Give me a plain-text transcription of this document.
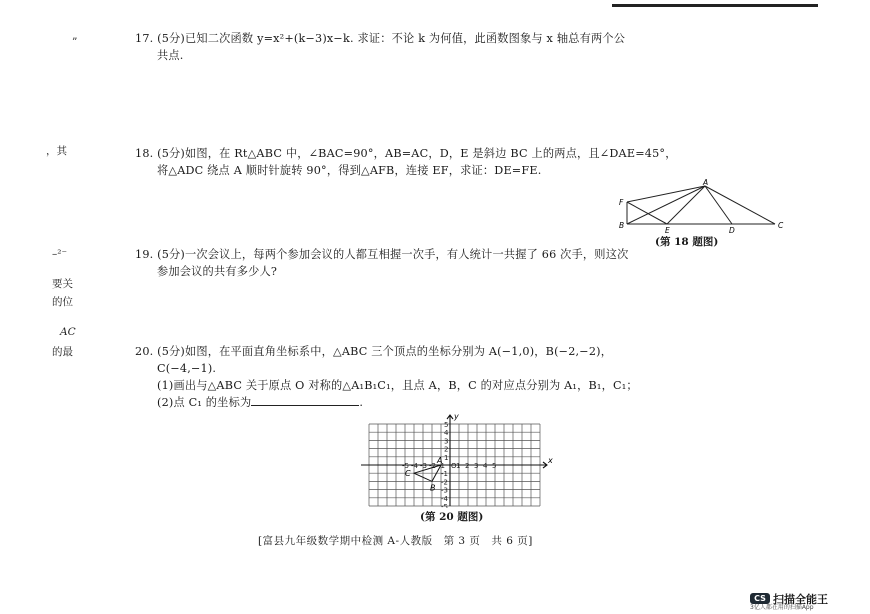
”
，其
–²⁻
要关
的位
AC
的最
17. (5分)已知二次函数 y=x²+(k−3)x−k. 求证：不论 k 为何值，此函数图象与 x 轴总有两个公
共点.
18. (5分)如图，在 Rt△ABC 中，∠BAC=90°，AB=AC，D，E 是斜边 BC 上的两点，且∠DAE=45°，
将△ADC 绕点 A 顺时针旋转 90°，得到△AFB，连接 EF，求证：DE=FE.
A
B	C
D
E
F
(第 18 题图)
19. (5分)一次会议上，每两个参加会议的人都互相握一次手，有人统计一共握了 66 次手，则这次
参加会议的共有多少人?
20. (5分)如图，在平面直角坐标系中，△ABC 三个顶点的坐标分别为 A(−1,0)，B(−2,−2)，
C(−4,−1).
(1)画出与△ABC 关于原点 O 对称的△A₁B₁C₁，且点 A，B，C 的对应点分别为 A₁，B₁，C₁；
(2)点 C₁ 的坐标为	.
-5 -4 -3 -2 -1 O 1 2 3 4 5
5
4
3
2
1
-1
-2
-3
-4
-5
x
y
A
B
C
(第 20 题图)
[富县九年级数学期中检测 A-人教版　第 3 页　共 6 页]
CS 扫描全能王
3亿人都在用的扫描App
